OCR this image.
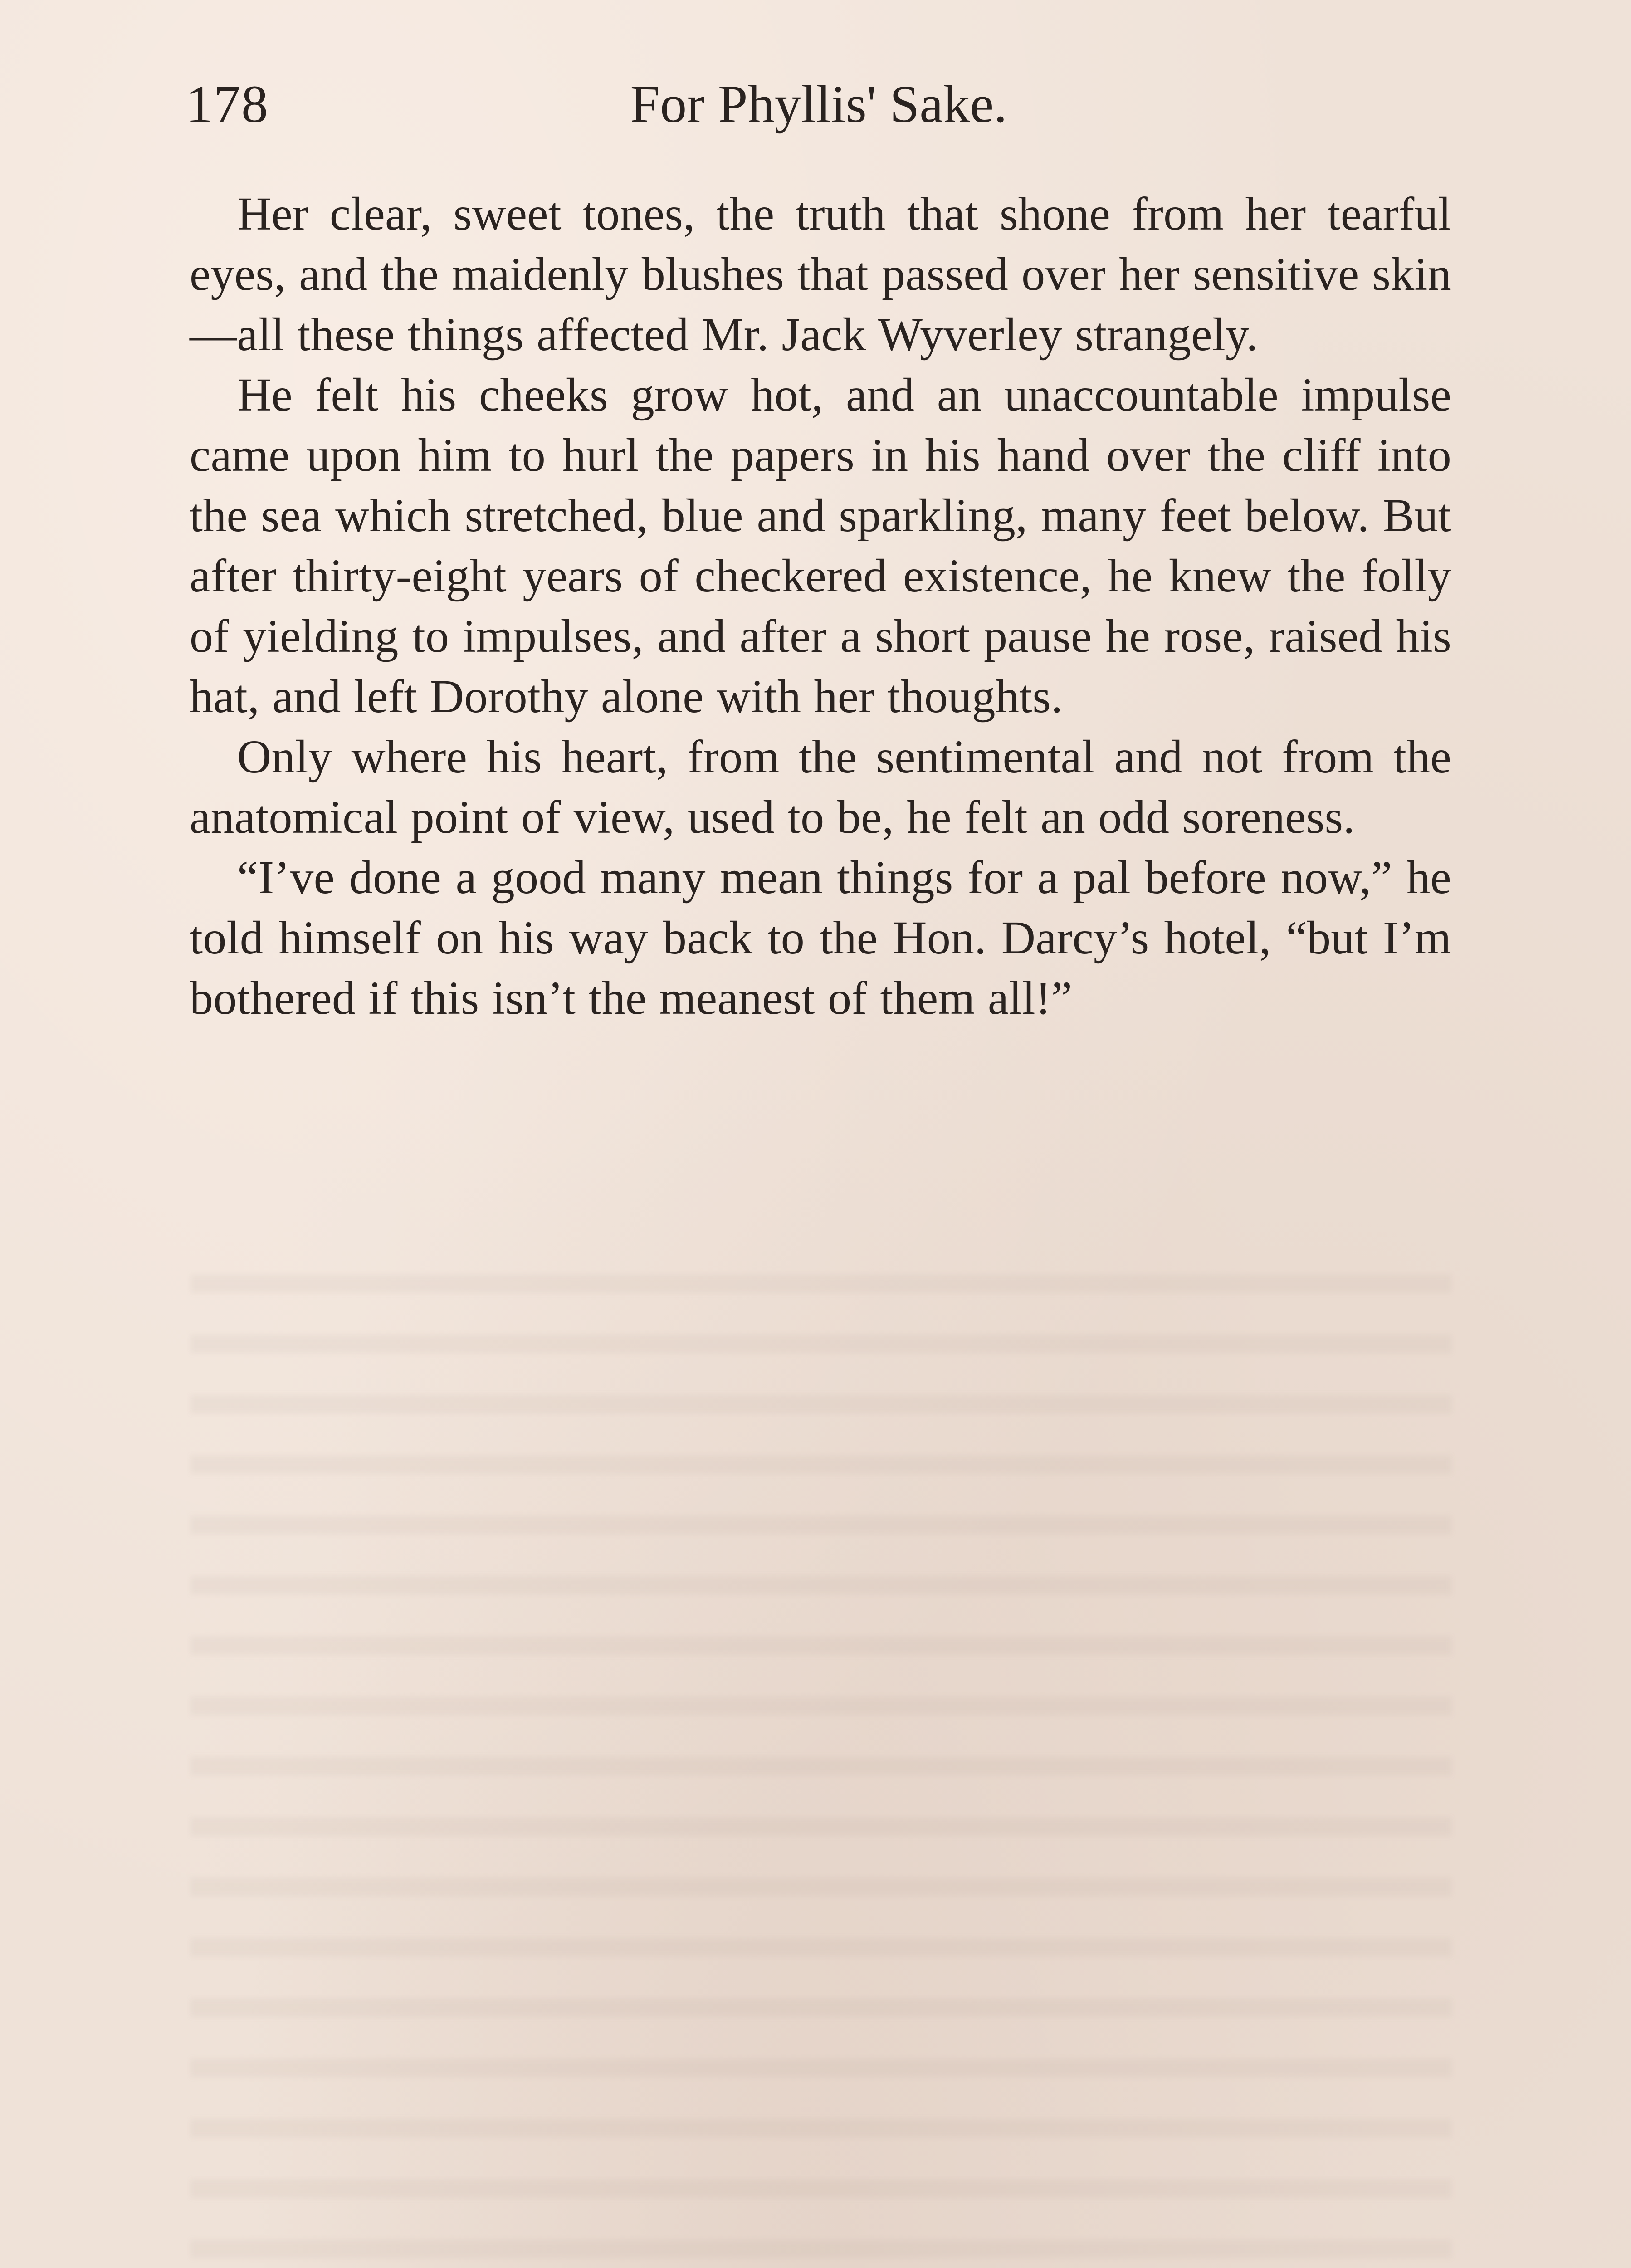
178	For Phyllis' Sake.

Her clear, sweet tones, the truth that shone from her tearful eyes, and the maidenly blushes that passed over her sensitive skin—all these things affected Mr. Jack Wyverley strangely.

He felt his cheeks grow hot, and an unaccountable impulse came upon him to hurl the papers in his hand over the cliff into the sea which stretched, blue and sparkling, many feet below. But after thirty-eight years of checkered existence, he knew the folly of yielding to impulses, and after a short pause he rose, raised his hat, and left Dorothy alone with her thoughts.

Only where his heart, from the sentimental and not from the anatomical point of view, used to be, he felt an odd soreness.

“I’ve done a good many mean things for a pal before now,” he told himself on his way back to the Hon. Darcy’s hotel, “but I’m bothered if this isn’t the meanest of them all!”
